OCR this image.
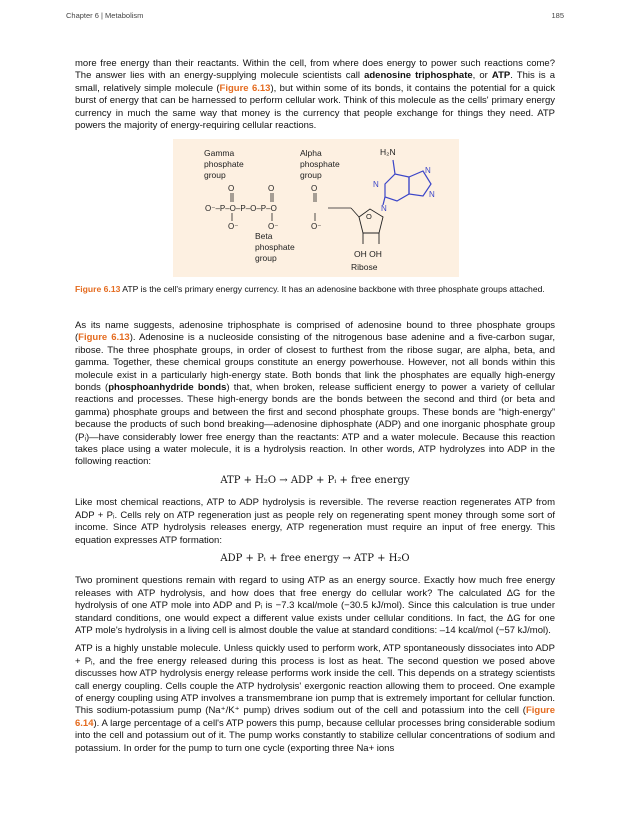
Chapter 6 | Metabolism	185

more free energy than their reactants. Within the cell, from where does energy to power such reactions come? The answer lies with an energy-supplying molecule scientists call adenosine triphosphate, or ATP. This is a small, relatively simple molecule (Figure 6.13), but within some of its bonds, it contains the potential for a quick burst of energy that can be harnessed to perform cellular work. Think of this molecule as the cells' primary energy currency in much the same way that money is the currency that people exchange for things they need. ATP powers the majority of energy-requiring cellular reactions.

Gamma
phosphate
group
Alpha
phosphate
group
Beta
phosphate
group
Ribose
OH OH
H₂N
O	O	O
O⁻–P–O–P–O–P–O
O⁻	O⁻	O⁻
O
N
N
N
N
Figure 6.13 ATP is the cell's primary energy currency. It has an adenosine backbone with three phosphate groups attached.

As its name suggests, adenosine triphosphate is comprised of adenosine bound to three phosphate groups (Figure 6.13). Adenosine is a nucleoside consisting of the nitrogenous base adenine and a five-carbon sugar, ribose. The three phosphate groups, in order of closest to furthest from the ribose sugar, are alpha, beta, and gamma. Together, these chemical groups constitute an energy powerhouse. However, not all bonds within this molecule exist in a particularly high-energy state. Both bonds that link the phosphates are equally high-energy bonds (phosphoanhydride bonds) that, when broken, release sufficient energy to power a variety of cellular reactions and processes. These high-energy bonds are the bonds between the second and third (or beta and gamma) phosphate groups and between the first and second phosphate groups. These bonds are “high-energy” because the products of such bond breaking—adenosine diphosphate (ADP) and one inorganic phosphate group (Pᵢ)—have considerably lower free energy than the reactants: ATP and a water molecule. Because this reaction takes place using a water molecule, it is a hydrolysis reaction. In other words, ATP hydrolyzes into ADP in the following reaction:

ATP + H₂O → ADP + Pᵢ + free energy

Like most chemical reactions, ATP to ADP hydrolysis is reversible. The reverse reaction regenerates ATP from ADP + Pᵢ. Cells rely on ATP regeneration just as people rely on regenerating spent money through some sort of income. Since ATP hydrolysis releases energy, ATP regeneration must require an input of free energy. This equation expresses ATP formation:

ADP + Pᵢ + free energy → ATP + H₂O

Two prominent questions remain with regard to using ATP as an energy source. Exactly how much free energy releases with ATP hydrolysis, and how does that free energy do cellular work? The calculated ΔG for the hydrolysis of one ATP mole into ADP and Pᵢ is −7.3 kcal/mole (−30.5 kJ/mol). Since this calculation is true under standard conditions, one would expect a different value exists under cellular conditions. In fact, the ΔG for one ATP mole's hydrolysis in a living cell is almost double the value at standard conditions: –14 kcal/mol (−57 kJ/mol).

ATP is a highly unstable molecule. Unless quickly used to perform work, ATP spontaneously dissociates into ADP + Pᵢ, and the free energy released during this process is lost as heat. The second question we posed above discusses how ATP hydrolysis energy release performs work inside the cell. This depends on a strategy scientists call energy coupling. Cells couple the ATP hydrolysis' exergonic reaction allowing them to proceed. One example of energy coupling using ATP involves a transmembrane ion pump that is extremely important for cellular function. This sodium-potassium pump (Na⁺/K⁺ pump) drives sodium out of the cell and potassium into the cell (Figure 6.14). A large percentage of a cell's ATP powers this pump, because cellular processes bring considerable sodium into the cell and potassium out of it. The pump works constantly to stabilize cellular concentrations of sodium and potassium. In order for the pump to turn one cycle (exporting three Na+ ions
